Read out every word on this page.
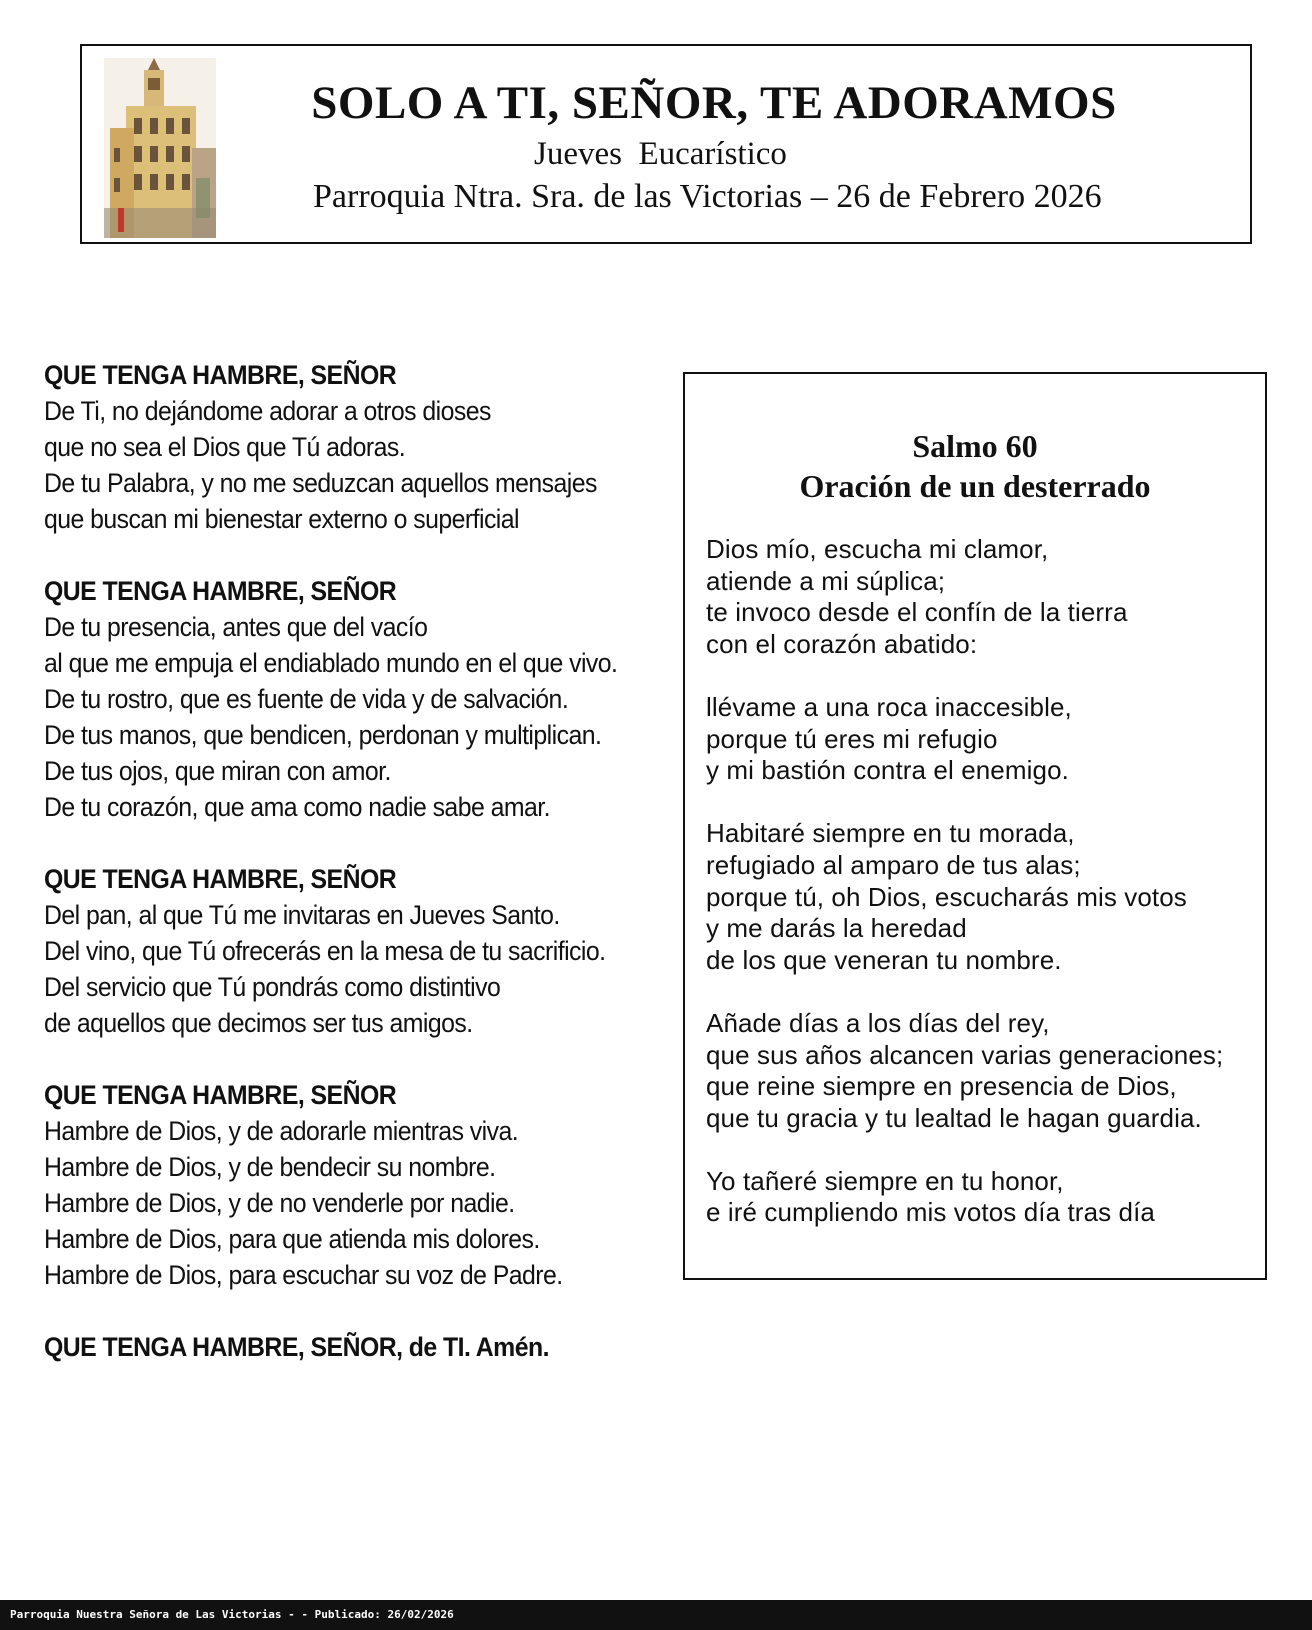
SOLO A TI, SEÑOR, TE ADORAMOS
Jueves  Eucarístico
Parroquia Ntra. Sra. de las Victorias – 26 de Febrero 2026
QUE TENGA HAMBRE, SEÑOR
De Ti, no dejándome adorar a otros dioses
que no sea el Dios que Tú adoras.
De tu Palabra, y no me seduzcan aquellos mensajes
que buscan mi bienestar externo o superficial
QUE TENGA HAMBRE, SEÑOR
De tu presencia, antes que del vacío
al que me empuja el endiablado mundo en el que vivo.
De tu rostro, que es fuente de vida y de salvación.
De tus manos, que bendicen, perdonan y multiplican.
De tus ojos, que miran con amor.
De tu corazón, que ama como nadie sabe amar.
QUE TENGA HAMBRE, SEÑOR
Del pan, al que Tú me invitaras en Jueves Santo.
Del vino, que Tú ofrecerás en la mesa de tu sacrificio.
Del servicio que Tú pondrás como distintivo
de aquellos que decimos ser tus amigos.
QUE TENGA HAMBRE, SEÑOR
Hambre de Dios, y de adorarle mientras viva.
Hambre de Dios, y de bendecir su nombre.
Hambre de Dios, y de no venderle por nadie.
Hambre de Dios, para que atienda mis dolores.
Hambre de Dios, para escuchar su voz de Padre.
QUE TENGA HAMBRE, SEÑOR, de TI. Amén.
Salmo 60
Oración de un desterrado
Dios mío, escucha mi clamor,
atiende a mi súplica;
te invoco desde el confín de la tierra
con el corazón abatido:
llévame a una roca inaccesible,
porque tú eres mi refugio
y mi bastión contra el enemigo.
Habitaré siempre en tu morada,
refugiado al amparo de tus alas;
porque tú, oh Dios, escucharás mis votos
y me darás la heredad
de los que veneran tu nombre.
Añade días a los días del rey,
que sus años alcancen varias generaciones;
que reine siempre en presencia de Dios,
que tu gracia y tu lealtad le hagan guardia.
Yo tañeré siempre en tu honor,
e iré cumpliendo mis votos día tras día
Parroquia Nuestra Señora de Las Victorias - - Publicado: 26/02/2026
